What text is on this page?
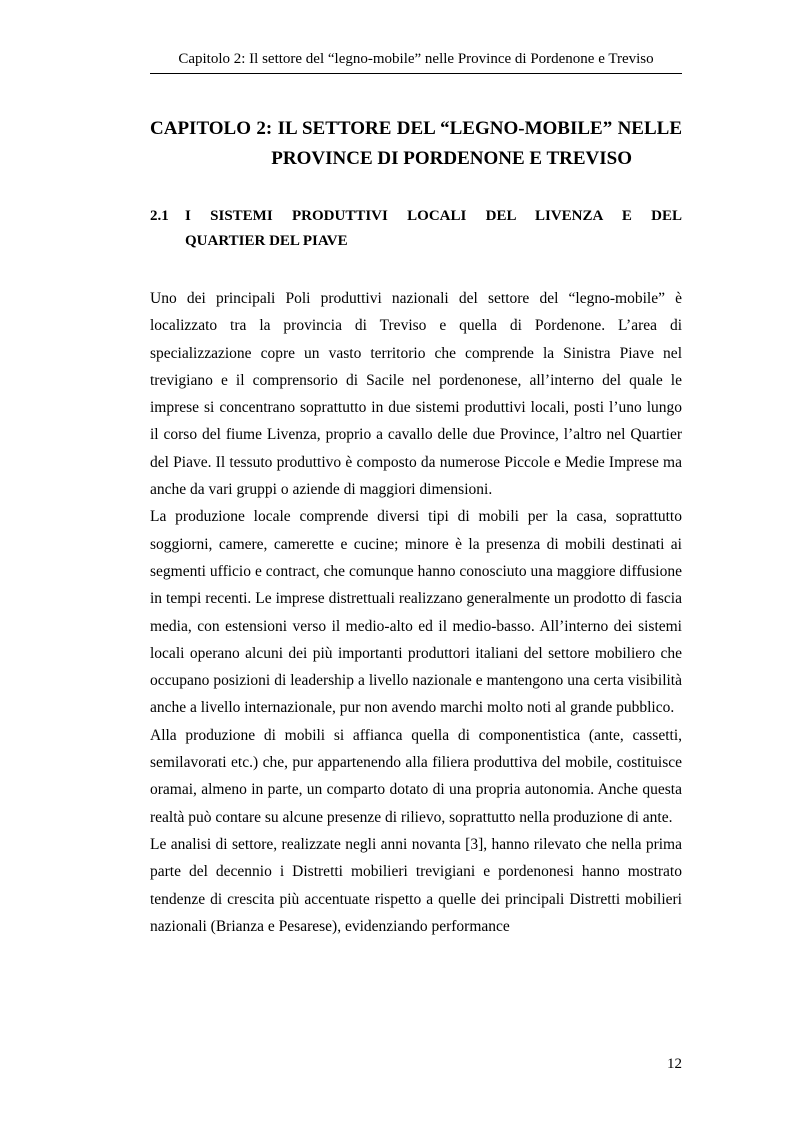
Capitolo 2: Il settore del “legno-mobile” nelle Province di Pordenone e Treviso
CAPITOLO 2: IL SETTORE DEL “LEGNO-MOBILE” NELLE
PROVINCE DI PORDENONE E TREVISO
2.1 I SISTEMI PRODUTTIVI LOCALI DEL LIVENZA E DEL
QUARTIER DEL PIAVE

Uno dei principali Poli produttivi nazionali del settore del “legno-mobile” è localizzato tra la provincia di Treviso e quella di Pordenone. L’area di specializzazione copre un vasto territorio che comprende la Sinistra Piave nel trevigiano e il comprensorio di Sacile nel pordenonese, all’interno del quale le imprese si concentrano soprattutto in due sistemi produttivi locali, posti l’uno lungo il corso del fiume Livenza, proprio a cavallo delle due Province, l’altro nel Quartier del Piave. Il tessuto produttivo è composto da numerose Piccole e Medie Imprese ma anche da vari gruppi o aziende di maggiori dimensioni.

La produzione locale comprende diversi tipi di mobili per la casa, soprattutto soggiorni, camere, camerette e cucine; minore è la presenza di mobili destinati ai segmenti ufficio e contract, che comunque hanno conosciuto una maggiore diffusione in tempi recenti. Le imprese distrettuali realizzano generalmente un prodotto di fascia media, con estensioni verso il medio-alto ed il medio-basso. All’interno dei sistemi locali operano alcuni dei più importanti produttori italiani del settore mobiliero che occupano posizioni di leadership a livello nazionale e mantengono una certa visibilità anche a livello internazionale, pur non avendo marchi molto noti al grande pubblico.

Alla produzione di mobili si affianca quella di componentistica (ante, cassetti, semilavorati etc.) che, pur appartenendo alla filiera produttiva del mobile, costituisce oramai, almeno in parte, un comparto dotato di una propria autonomia. Anche questa realtà può contare su alcune presenze di rilievo, soprattutto nella produzione di ante.

Le analisi di settore, realizzate negli anni novanta [3], hanno rilevato che nella prima parte del decennio i Distretti mobilieri trevigiani e pordenonesi hanno mostrato tendenze di crescita più accentuate rispetto a quelle dei principali Distretti mobilieri nazionali (Brianza e Pesarese), evidenziando performance

12
